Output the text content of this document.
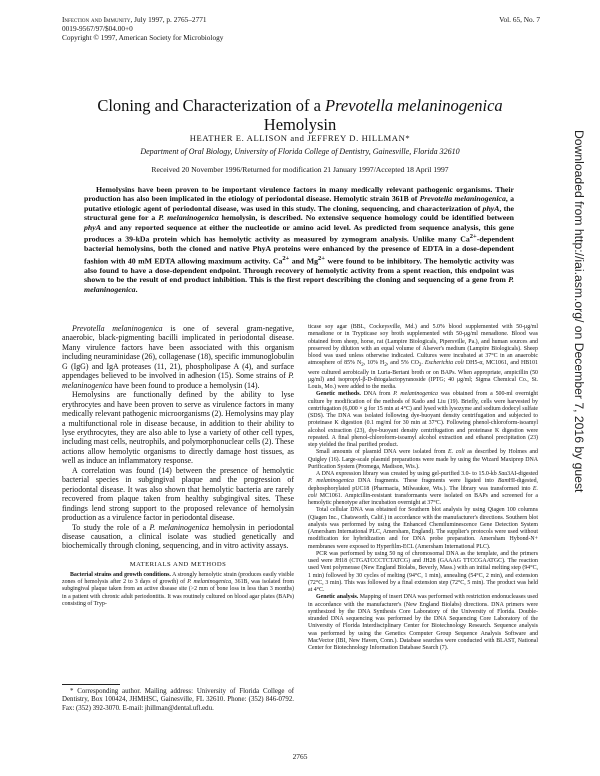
Infection and Immunity, July 1997, p. 2765–2771
0019-9567/97/$04.00+0
Copyright © 1997, American Society for Microbiology
Vol. 65, No. 7
Cloning and Characterization of a Prevotella melaninogenica Hemolysin
HEATHER E. ALLISON and JEFFREY D. HILLMAN*
Department of Oral Biology, University of Florida College of Dentistry, Gainesville, Florida 32610
Received 20 November 1996/Returned for modification 21 January 1997/Accepted 18 April 1997

Hemolysins have been proven to be important virulence factors in many medically relevant pathogenic organisms. Their production has also been implicated in the etiology of periodontal disease. Hemolytic strain 361B of Prevotella melaninogenica, a putative etiologic agent of periodontal disease, was used in this study. The cloning, sequencing, and characterization of phyA, the structural gene for a P. melaninogenica hemolysin, is described. No extensive sequence homology could be identified between phyA and any reported sequence at either the nucleotide or amino acid level. As predicted from sequence analysis, this gene produces a 39-kDa protein which has hemolytic activity as measured by zymogram analysis. Unlike many $Ca^{2+}$-dependent bacterial hemolysins, both the cloned and native PhyA proteins were enhanced by the presence of EDTA in a dose-dependent fashion with 40 mM EDTA allowing maximum activity. $Ca^{2+}$ and $Mg^{2+}$ were found to be inhibitory. The hemolytic activity was also found to have a dose-dependent endpoint. Through recovery of hemolytic activity from a spent reaction, this endpoint was shown to be the result of end product inhibition. This is the first report describing the cloning and sequencing of a gene from P. melaninogenica.

Prevotella melaninogenica is one of several gram-negative, anaerobic, black-pigmenting bacilli implicated in periodontal disease. Many virulence factors have been associated with this organism including neuraminidase (26), collagenase (18), specific immunoglobulin G (IgG) and IgA proteases (11, 21), phospholipase A (4), and surface appendages believed to be involved in adhesion (15). Some strains of P. melaninogenica have been found to produce a hemolysin (14).

Hemolysins are functionally defined by the ability to lyse erythrocytes and have been proven to serve as virulence factors in many medically relevant pathogenic microorganisms (2). Hemolysins may play a multifunctional role in disease because, in addition to their ability to lyse erythrocytes, they are also able to lyse a variety of other cell types, including mast cells, neutrophils, and polymorphonuclear cells (2). These actions allow hemolytic organisms to directly damage host tissues, as well as induce an inflammatory response.

A correlation was found (14) between the presence of hemolytic bacterial species in subgingival plaque and the progression of periodontal disease. It was also shown that hemolytic bacteria are rarely recovered from plaque taken from healthy subgingival sites. These findings lend strong support to the proposed relevance of hemolysin production as a virulence factor in periodontal disease.

To study the role of a P. melaninogenica hemolysin in periodontal disease causation, a clinical isolate was studied genetically and biochemically through cloning, sequencing, and in vitro activity assays.

MATERIALS AND METHODS

Bacterial strains and growth conditions. A strongly hemolytic strain (produces easily visible zones of hemolysis after 2 to 3 days of growth) of P. melaninogenica, 361B, was isolated from subgingival plaque taken from an active disease site (>2 mm of bone loss in less than 3 months) in a patient with chronic adult periodontitis. It was routinely cultured on blood agar plates (BAPs) consisting of Tryp-

ticase soy agar (BBL, Cockeysville, Md.) and 5.0% blood supplemented with 50-μg/ml menadione or in Trypticase soy broth supplemented with 50-μg/ml menadione. Blood was obtained from sheep, horse, rat (Lampire Biologicals, Pipersville, Pa.), and human sources and preserved by dilution with an equal volume of Alsever's medium (Lampire Biologicals). Sheep blood was used unless otherwise indicated. Cultures were incubated at 37°C in an anaerobic atmosphere of 85% $N_2$, 10% $H_2$, and 5% $CO_2$. Escherichia coli DH5-α, MC1061, and HB101 were cultured aerobically in Luria-Bertani broth or on BAPs. When appropriate, ampicillin (50 μg/ml) and isopropyl-β-D-thiogalactopyranoside (IPTG; 40 μg/ml; Sigma Chemical Co., St. Louis, Mo.) were added to the media.

Genetic methods. DNA from P. melaninogenica was obtained from a 500-ml overnight culture by modification of the methods of Kado and Liu (19). Briefly, cells were harvested by centrifugation (6,000 × g for 15 min at 4°C) and lysed with lysozyme and sodium dodecyl sulfate (SDS). The DNA was isolated following dye-buoyant density centrifugation and subjected to proteinase K digestion (0.1 mg/ml for 30 min at 37°C). Following phenol-chloroform-isoamyl alcohol extraction (23), dye-buoyant density centrifugation and proteinase K digestion were repeated. A final phenol-chloroform-isoamyl alcohol extraction and ethanol precipitation (23) step yielded the final purified product.

Small amounts of plasmid DNA were isolated from E. coli as described by Holmes and Quigley (16). Large-scale plasmid preparations were made by using the Wizard Maxiprep DNA Purification System (Promega, Madison, Wis.).

A DNA expression library was created by using gel-purified 3.0- to 15.0-kb Sau3AI-digested P. melaninogenica DNA fragments. These fragments were ligated into BamHI-digested, dephosphorylated pUC18 (Pharmacia, Milwaukee, Wis.). The library was transformed into E. coli MC1061. Ampicillin-resistant transformants were isolated on BAPs and screened for a hemolytic phenotype after incubation overnight at 37°C.

Total cellular DNA was obtained for Southern blot analysis by using Qiagen 100 columns (Qiagen Inc., Chatsworth, Calif.) in accordance with the manufacturer's directions. Southern blot analysis was performed by using the Enhanced Chemiluminescence Gene Detection System (Amersham International PLC, Amersham, England). The supplier's protocols were used without modification for hybridization and for DNA probe preparation. Amersham Hybond-N+ membranes were exposed to Hyperfilm-ECL (Amersham International PLC).

PCR was performed by using 50 ng of chromosomal DNA as the template, and the primers used were JH18 (CTGATCCCTCTATCG) and JH28 (GAAAG TTCCGAATGC). The reaction used Vent polymerase (New England Biolabs, Beverly, Mass.) with an initial melting step (94°C, 1 min) followed by 30 cycles of melting (94°C, 1 min), annealing (54°C, 2 min), and extension (72°C, 3 min). This was followed by a final extension step (72°C, 5 min). The product was held at 4°C.

Genetic analysis. Mapping of insert DNA was performed with restriction endonucleases used in accordance with the manufacturer's (New England Biolabs) directions. DNA primers were synthesized by the DNA Synthesis Core Laboratory of the University of Florida. Double-stranded DNA sequencing was performed by the DNA Sequencing Core Laboratory of the University of Florida Interdisciplinary Center for Biotechnology Research. Sequence analysis was performed by using the Genetics Computer Group Sequence Analysis Software and MacVector (IBI, New Haven, Conn.). Database searches were conducted with BLAST, National Center for Biotechnology Information Database Search (7).

* Corresponding author. Mailing address: University of Florida College of Dentistry, Box 100424, JHMHSC, Gainesville, FL 32610. Phone: (352) 846-0792. Fax: (352) 392-3070. E-mail: jhillman@dental.ufl.edu.

2765
Downloaded from http://iai.asm.org/ on December 7, 2016 by guest
